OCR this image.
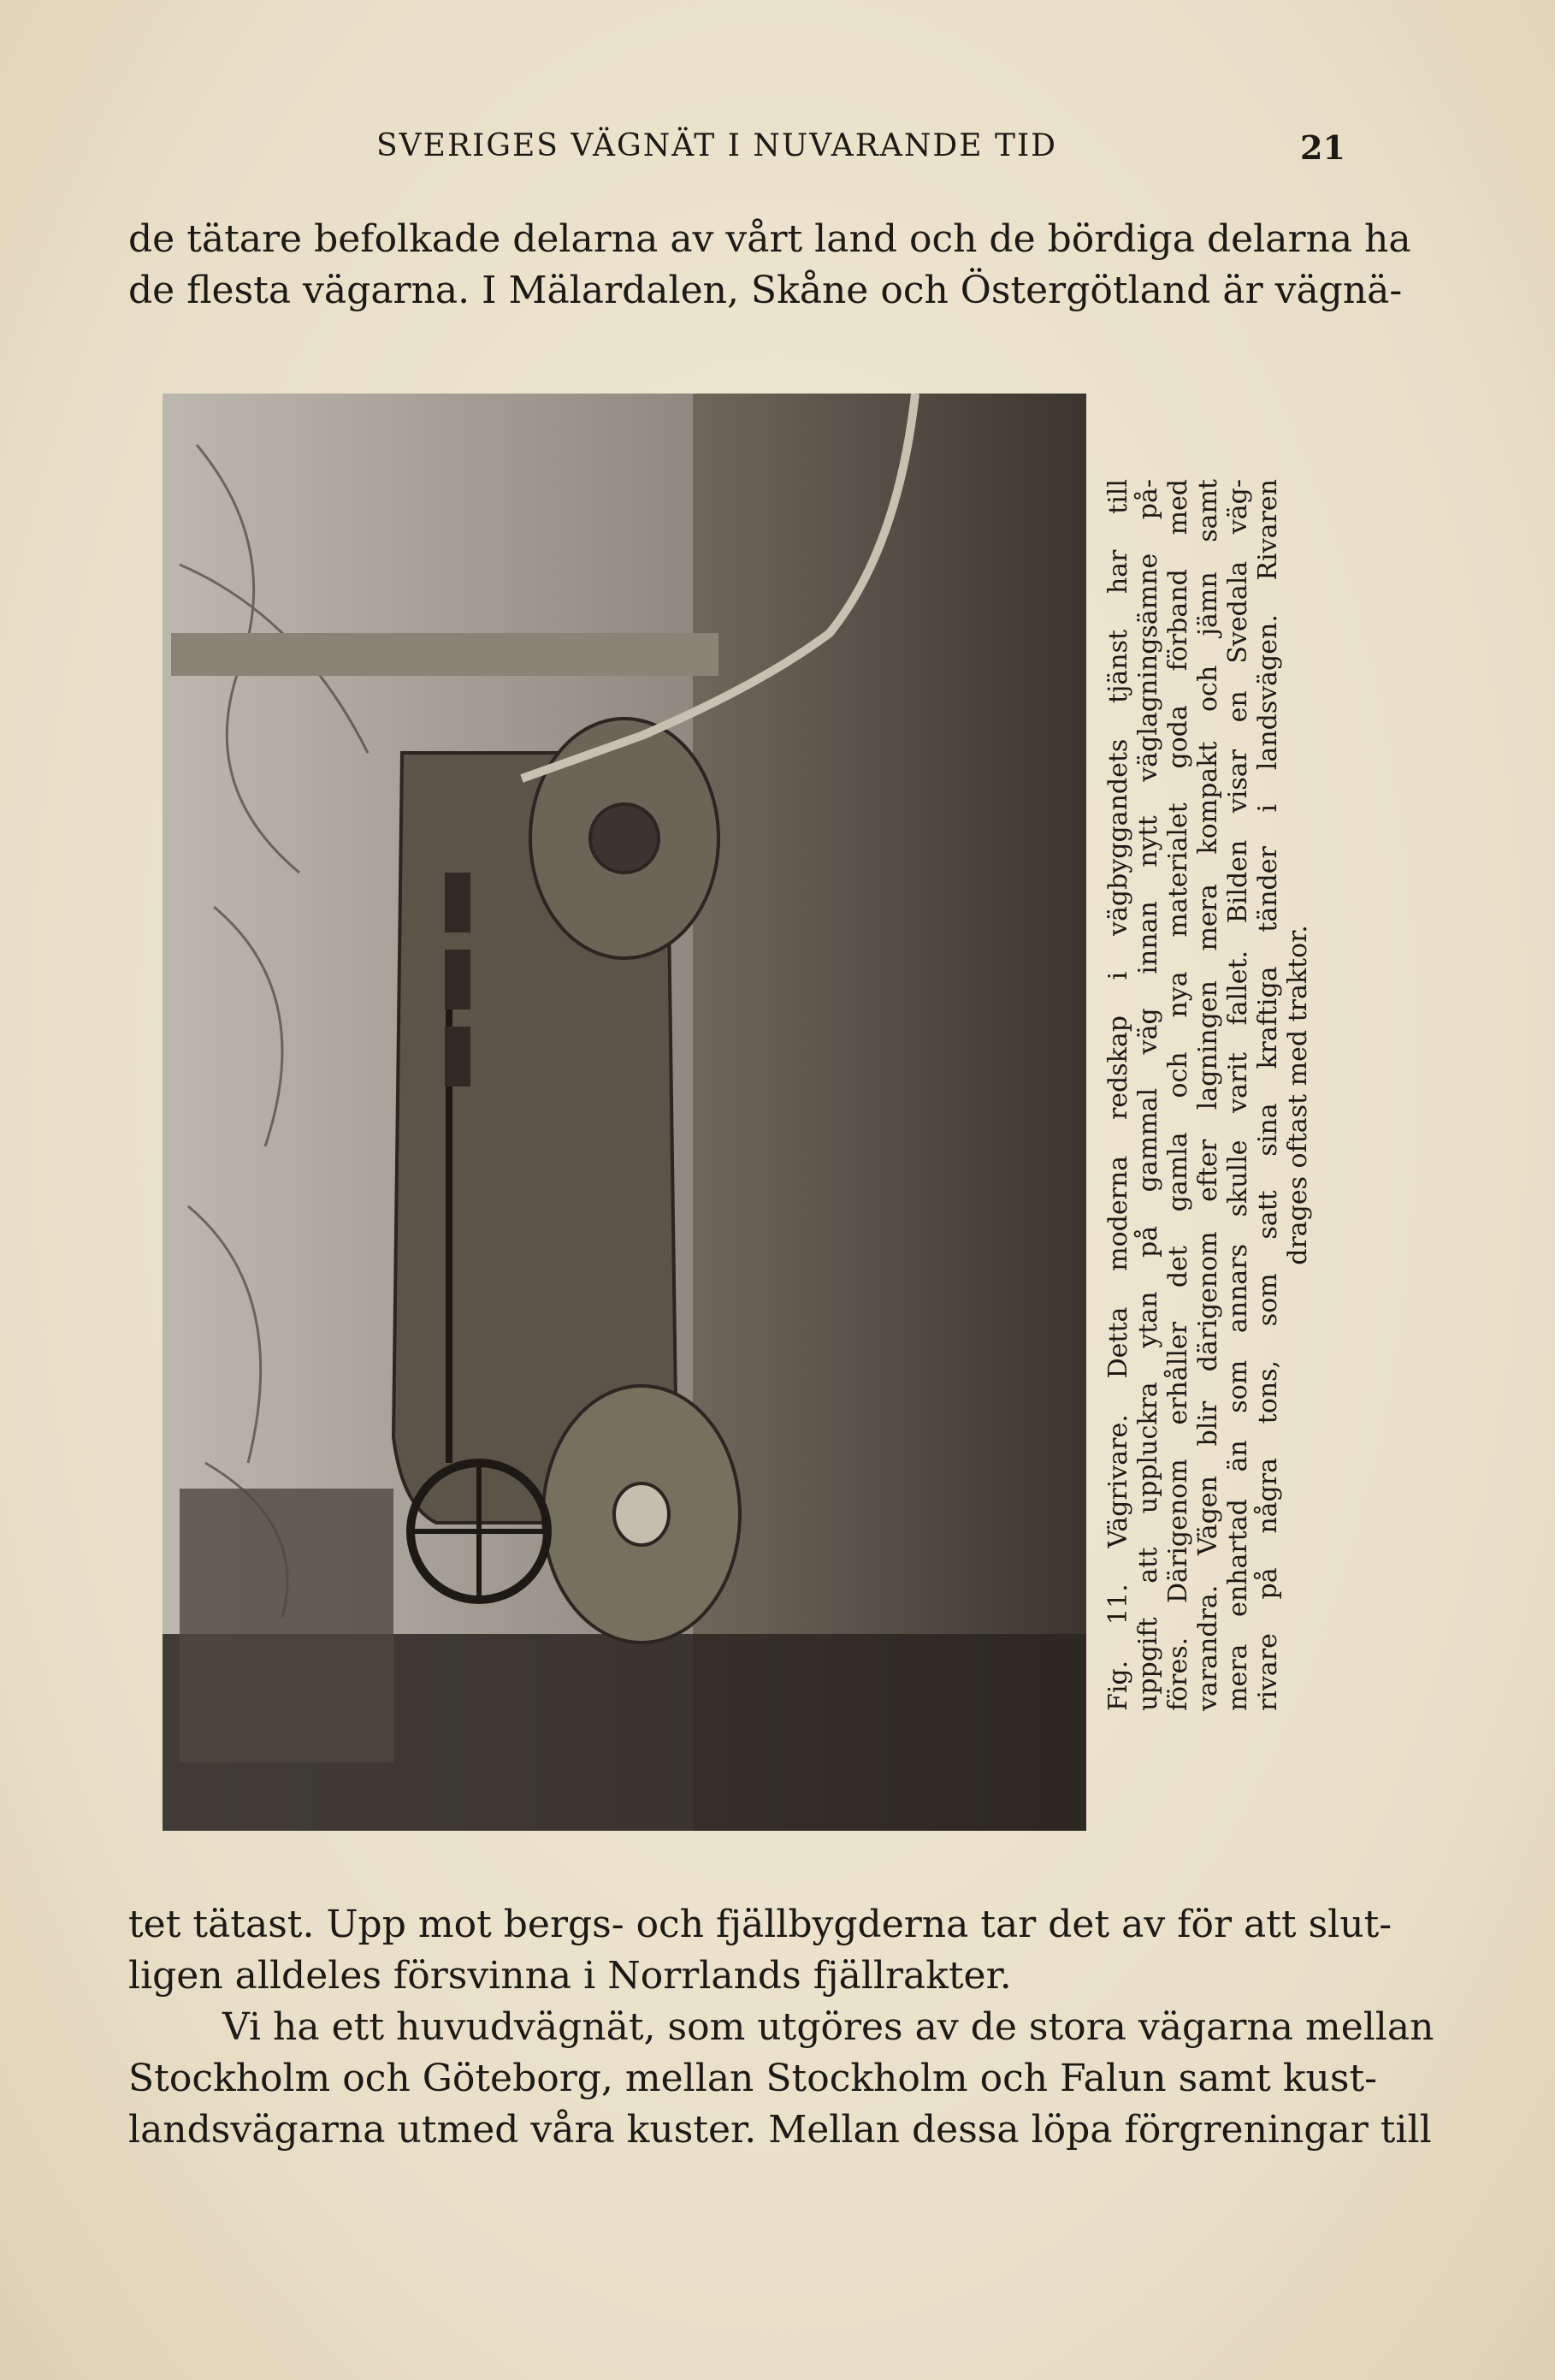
SVERIGES VÄGNÄT I NUVARANDE TID	21
de tätare befolkade delarna av vårt land och de bördiga delarna ha
de flesta vägarna. I Mälardalen, Skåne och Östergötland är vägnä-
Fig. 11. Vägrivare. Detta moderna redskap i vägbyggandets tjänst har till uppgift att uppluckra ytan på gammal väg innan nytt väglagningsämne på- föres. Därigenom erhåller det gamla och nya materialet goda förband med varandra. Vägen blir därigenom efter lagningen mera kompakt och jämn samt mera enhartad än som annars skulle varit fallet. Bilden visar en Svedala väg- rivare på några tons, som satt sina kraftiga tänder i landsvägen. Rivaren drages oftast med traktor.
tet tätast. Upp mot bergs- och fjällbygderna tar det av för att slut-
ligen alldeles försvinna i Norrlands fjällrakter.
Vi ha ett huvudvägnät, som utgöres av de stora vägarna mellan
Stockholm och Göteborg, mellan Stockholm och Falun samt kust-
landsvägarna utmed våra kuster. Mellan dessa löpa förgreningar till
